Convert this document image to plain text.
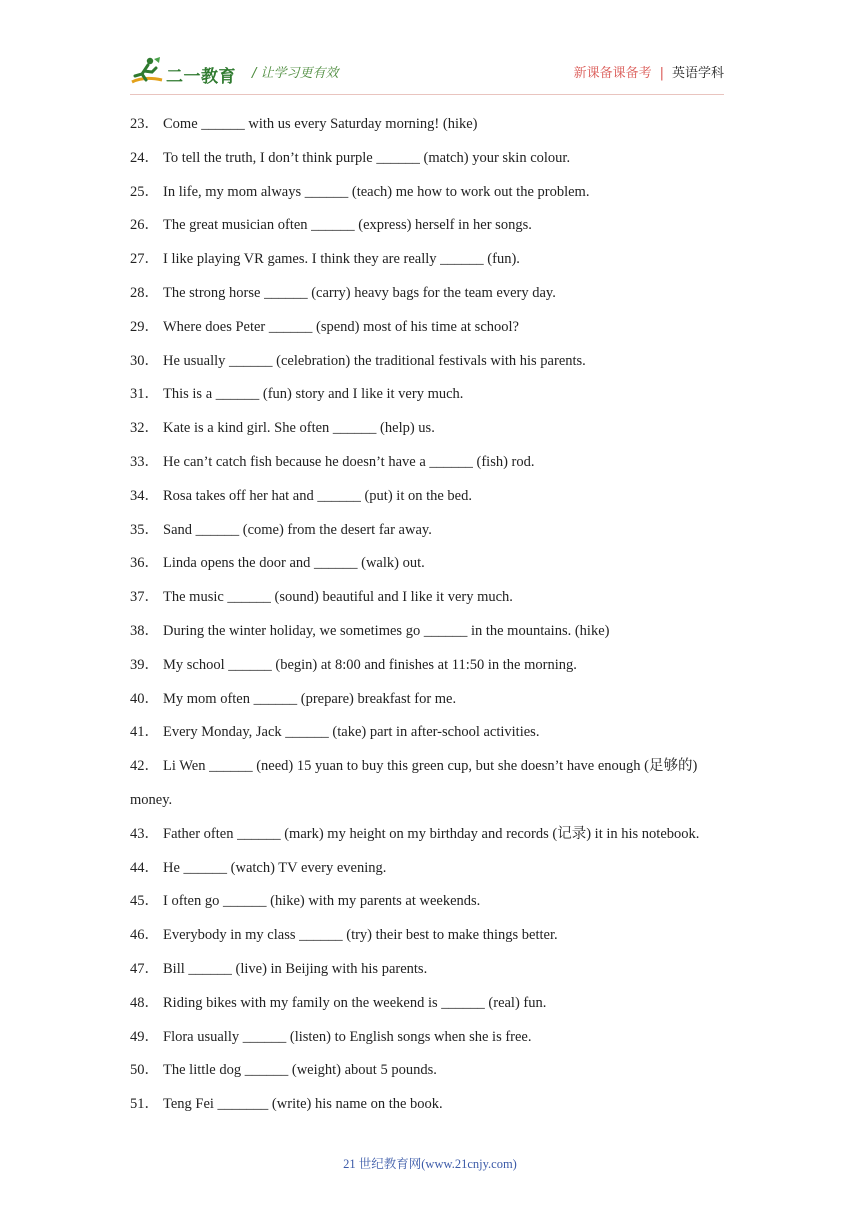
二一教育 / 让学习更有效	新课备课备考 | 英语学科
23． Come ______ with us every Saturday morning! (hike)
24． To tell the truth, I don’t think purple ______ (match) your skin colour.
25． In life, my mom always ______ (teach) me how to work out the problem.
26． The great musician often ______ (express) herself in her songs.
27． I like playing VR games. I think they are really ______ (fun).
28． The strong horse ______ (carry) heavy bags for the team every day.
29． Where does Peter ______ (spend) most of his time at school?
30． He usually ______ (celebration) the traditional festivals with his parents.
31． This is a ______ (fun) story and I like it very much.
32． Kate is a kind girl. She often ______ (help) us.
33． He can’t catch fish because he doesn’t have a ______ (fish) rod.
34． Rosa takes off her hat and ______ (put) it on the bed.
35． Sand ______ (come) from the desert far away.
36． Linda opens the door and ______ (walk) out.
37． The music ______ (sound) beautiful and I like it very much.
38． During the winter holiday, we sometimes go ______ in the mountains. (hike)
39． My school ______ (begin) at 8:00 and finishes at 11:50 in the morning.
40． My mom often ______ (prepare) breakfast for me.
41． Every Monday, Jack ______ (take) part in after-school activities.
42． Li Wen ______ (need) 15 yuan to buy this green cup, but she doesn’t have enough (足够的) money.
43． Father often ______ (mark) my height on my birthday and records (记录) it in his notebook.
44． He ______ (watch) TV every evening.
45． I often go ______ (hike) with my parents at weekends.
46． Everybody in my class ______ (try) their best to make things better.
47． Bill ______ (live) in Beijing with his parents.
48． Riding bikes with my family on the weekend is ______ (real) fun.
49． Flora usually ______ (listen) to English songs when she is free.
50． The little dog ______ (weight) about 5 pounds.
51． Teng Fei _______ (write) his name on the book.
21 世纪教育网(www.21cnjy.com)
